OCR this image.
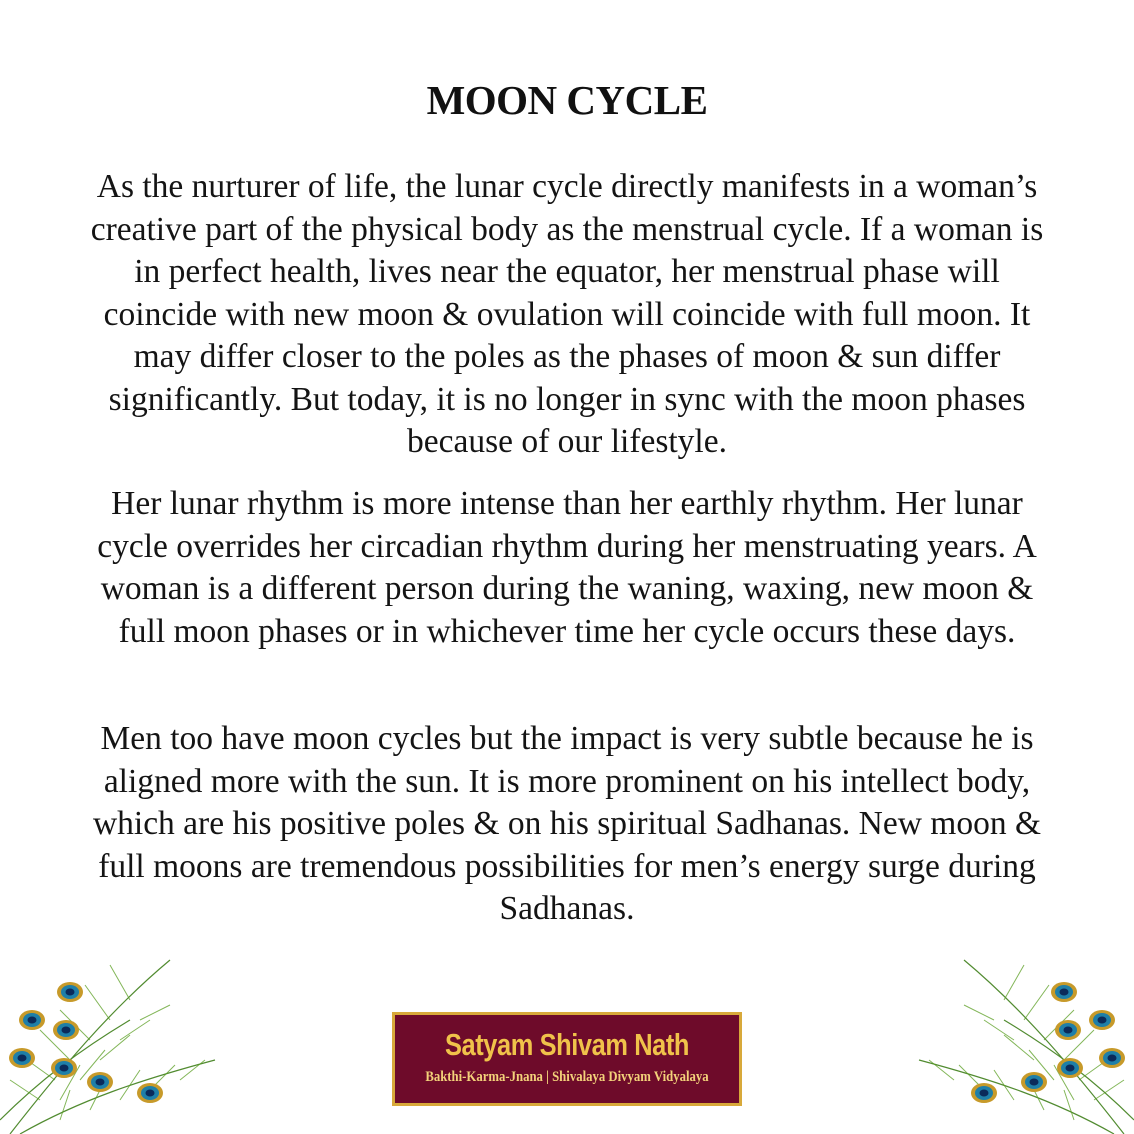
MOON CYCLE

As the nurturer of life, the lunar cycle directly manifests in a woman’s creative part of the physical body as the menstrual cycle. If a woman is in perfect health, lives near the equator, her menstrual phase will coincide with new moon & ovulation will coincide with full moon. It may differ closer to the poles as the phases of moon & sun differ significantly. But today, it is no longer in sync with the moon phases because of our lifestyle.

Her lunar rhythm is more intense than her earthly rhythm. Her lunar cycle overrides her circadian rhythm during her menstruating years. A woman is a different person during the waning, waxing, new moon & full moon phases or in whichever time her cycle occurs these days.

Men too have moon cycles but the impact is very subtle because he is aligned more with the sun. It is more prominent on his intellect body, which are his positive poles & on his spiritual Sadhanas. New moon & full moons are tremendous possibilities for men’s energy surge during Sadhanas.

Satyam Shivam Nath
Bakthi-Karma-Jnana | Shivalaya Divyam Vidyalaya
